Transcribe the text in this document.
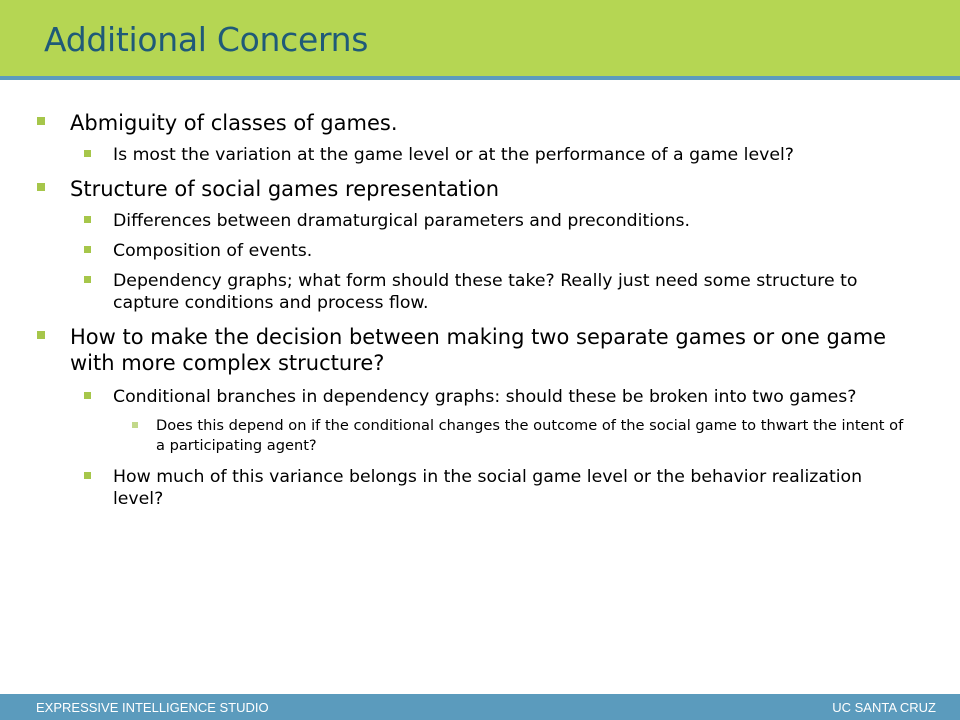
Additional Concerns
Abmiguity of classes of games.
Is most the variation at the game level or at the performance of a game level?
Structure of social games representation
Differences between dramaturgical parameters and preconditions.
Composition of events.
Dependency graphs; what form should these take? Really just need some structure to capture conditions and process flow.
How to make the decision between making two separate games or one game with more complex structure?
Conditional branches in dependency graphs: should these be broken into two games?
Does this depend on if the conditional changes the outcome of the social game to thwart the intent of a participating agent?
How much of this variance belongs in the social game level or the behavior realization level?
EXPRESSIVE INTELLIGENCE STUDIO	UC SANTA CRUZ
